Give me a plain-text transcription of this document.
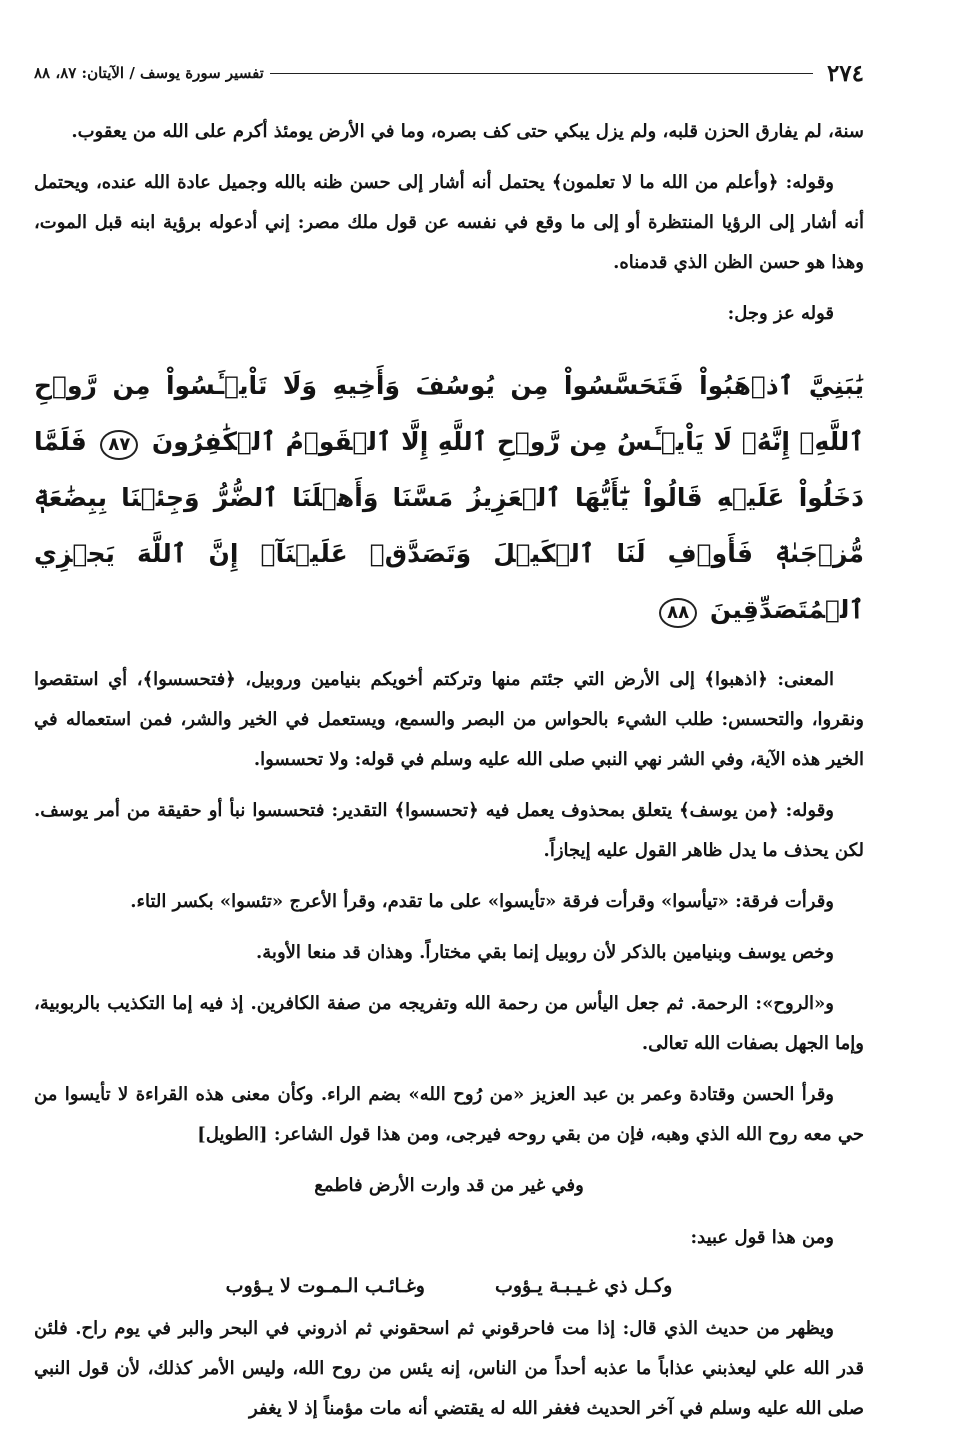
٢٧٤
تفسير سورة يوسف / الآيتان: ٨٧، ٨٨

سنة، لم يفارق الحزن قلبه، ولم يزل يبكي حتى كف بصره، وما في الأرض يومئذ أكرم على الله من يعقوب.

وقوله: ﴿وأعلم من الله ما لا تعلمون﴾ يحتمل أنه أشار إلى حسن ظنه بالله وجميل عادة الله عنده، ويحتمل أنه أشار إلى الرؤيا المنتظرة أو إلى ما وقع في نفسه عن قول ملك مصر: إني أدعوله برؤية ابنه قبل الموت، وهذا هو حسن الظن الذي قدمناه.

قوله عز وجل:

يَٰبَنِيَّ ٱذۡهَبُواْ فَتَحَسَّسُواْ مِن يُوسُفَ وَأَخِيهِ وَلَا تَاْيۡـَٔسُواْ مِن رَّوۡحِ ٱللَّهِۖ إِنَّهُۥ لَا يَاْيۡـَٔسُ مِن رَّوۡحِ ٱللَّهِ إِلَّا ٱلۡقَوۡمُ ٱلۡكَٰفِرُونَ ٨٧ فَلَمَّا دَخَلُواْ عَلَيۡهِ قَالُواْ يَٰٓأَيُّهَا ٱلۡعَزِيزُ مَسَّنَا وَأَهۡلَنَا ٱلضُّرُّ وَجِئۡنَا بِبِضَٰعَةٖ مُّزۡجَىٰةٖ فَأَوۡفِ لَنَا ٱلۡكَيۡلَ وَتَصَدَّقۡ عَلَيۡنَآۖ إِنَّ ٱللَّهَ يَجۡزِي ٱلۡمُتَصَدِّقِينَ ٨٨

المعنى: ﴿اذهبوا﴾ إلى الأرض التي جئتم منها وتركتم أخويكم بنيامين وروبيل، ﴿فتحسسوا﴾، أي استقصوا ونقروا، والتحسس: طلب الشيء بالحواس من البصر والسمع، ويستعمل في الخير والشر، فمن استعماله في الخير هذه الآية، وفي الشر نهي النبي صلى الله عليه وسلم في قوله: ولا تحسسوا.

وقوله: ﴿من يوسف﴾ يتعلق بمحذوف يعمل فيه ﴿تحسسوا﴾ التقدير: فتحسسوا نبأ أو حقيقة من أمر يوسف. لكن يحذف ما يدل ظاهر القول عليه إيجازاً.

وقرأت فرقة: «تيأسوا» وقرأت فرقة «تأيسوا» على ما تقدم، وقرأ الأعرج «تئسوا» بكسر التاء.

وخص يوسف وبنيامين بالذكر لأن روبيل إنما بقي مختاراً. وهذان قد منعا الأوبة.

و«الروح»: الرحمة. ثم جعل اليأس من رحمة الله وتفريجه من صفة الكافرين. إذ فيه إما التكذيب بالربوبية، وإما الجهل بصفات الله تعالى.

وقرأ الحسن وقتادة وعمر بن عبد العزيز «من رُوح الله» بضم الراء. وكأن معنى هذه القراءة لا تأيسوا من حي معه روح الله الذي وهبه، فإن من بقي روحه فيرجى، ومن هذا قول الشاعر: [الطويل]

وفي غير من قد وارت الأرض فاطمع

ومن هذا قول عبيد:

وكـل ذي غـيـبـة يـؤوب
وغـائـب الـمـوت لا يـؤوب

ويظهر من حديث الذي قال: إذا مت فاحرقوني ثم اسحقوني ثم اذروني في البحر والبر في يوم راح. فلئن قدر الله علي ليعذبني عذاباً ما عذبه أحداً من الناس، إنه يئس من روح الله، وليس الأمر كذلك، لأن قول النبي صلى الله عليه وسلم في آخر الحديث فغفر الله له يقتضي أنه مات مؤمناً إذ لا يغفر
